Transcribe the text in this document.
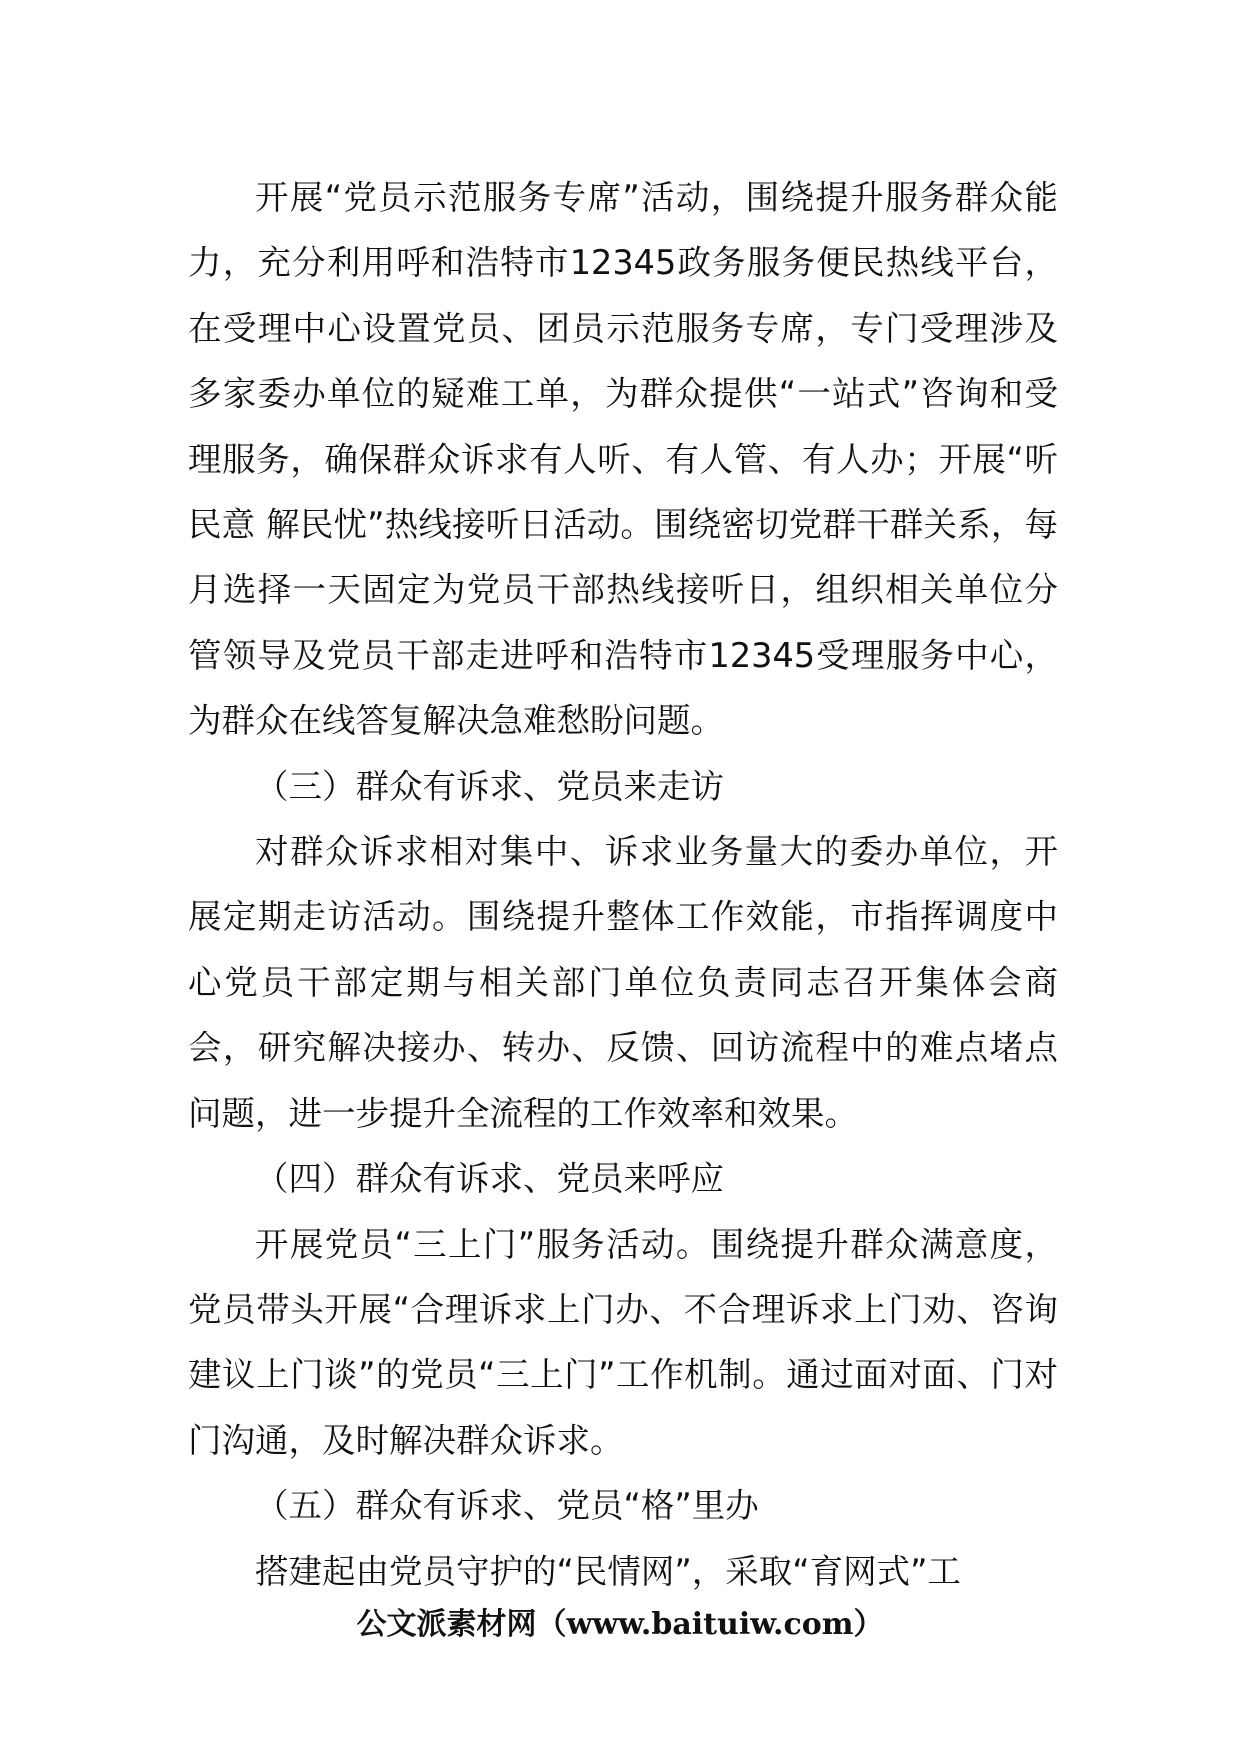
开展“党员示范服务专席”活动，围绕提升服务群众能力，充分利用呼和浩特市12345政务服务便民热线平台，在受理中心设置党员、团员示范服务专席，专门受理涉及多家委办单位的疑难工单，为群众提供“一站式”咨询和受理服务，确保群众诉求有人听、有人管、有人办；开展“听民意 解民忧”热线接听日活动。围绕密切党群干群关系，每月选择一天固定为党员干部热线接听日，组织相关单位分管领导及党员干部走进呼和浩特市12345受理服务中心，为群众在线答复解决急难愁盼问题。

（三）群众有诉求、党员来走访

对群众诉求相对集中、诉求业务量大的委办单位，开展定期走访活动。围绕提升整体工作效能，市指挥调度中心党员干部定期与相关部门单位负责同志召开集体会商会，研究解决接办、转办、反馈、回访流程中的难点堵点问题，进一步提升全流程的工作效率和效果。

（四）群众有诉求、党员来呼应

开展党员“三上门”服务活动。围绕提升群众满意度，党员带头开展“合理诉求上门办、不合理诉求上门劝、咨询建议上门谈”的党员“三上门”工作机制。通过面对面、门对门沟通，及时解决群众诉求。

（五）群众有诉求、党员“格”里办

搭建起由党员守护的“民情网”，采取“育网式”工

公文派素材网（www.baituiw.com）
